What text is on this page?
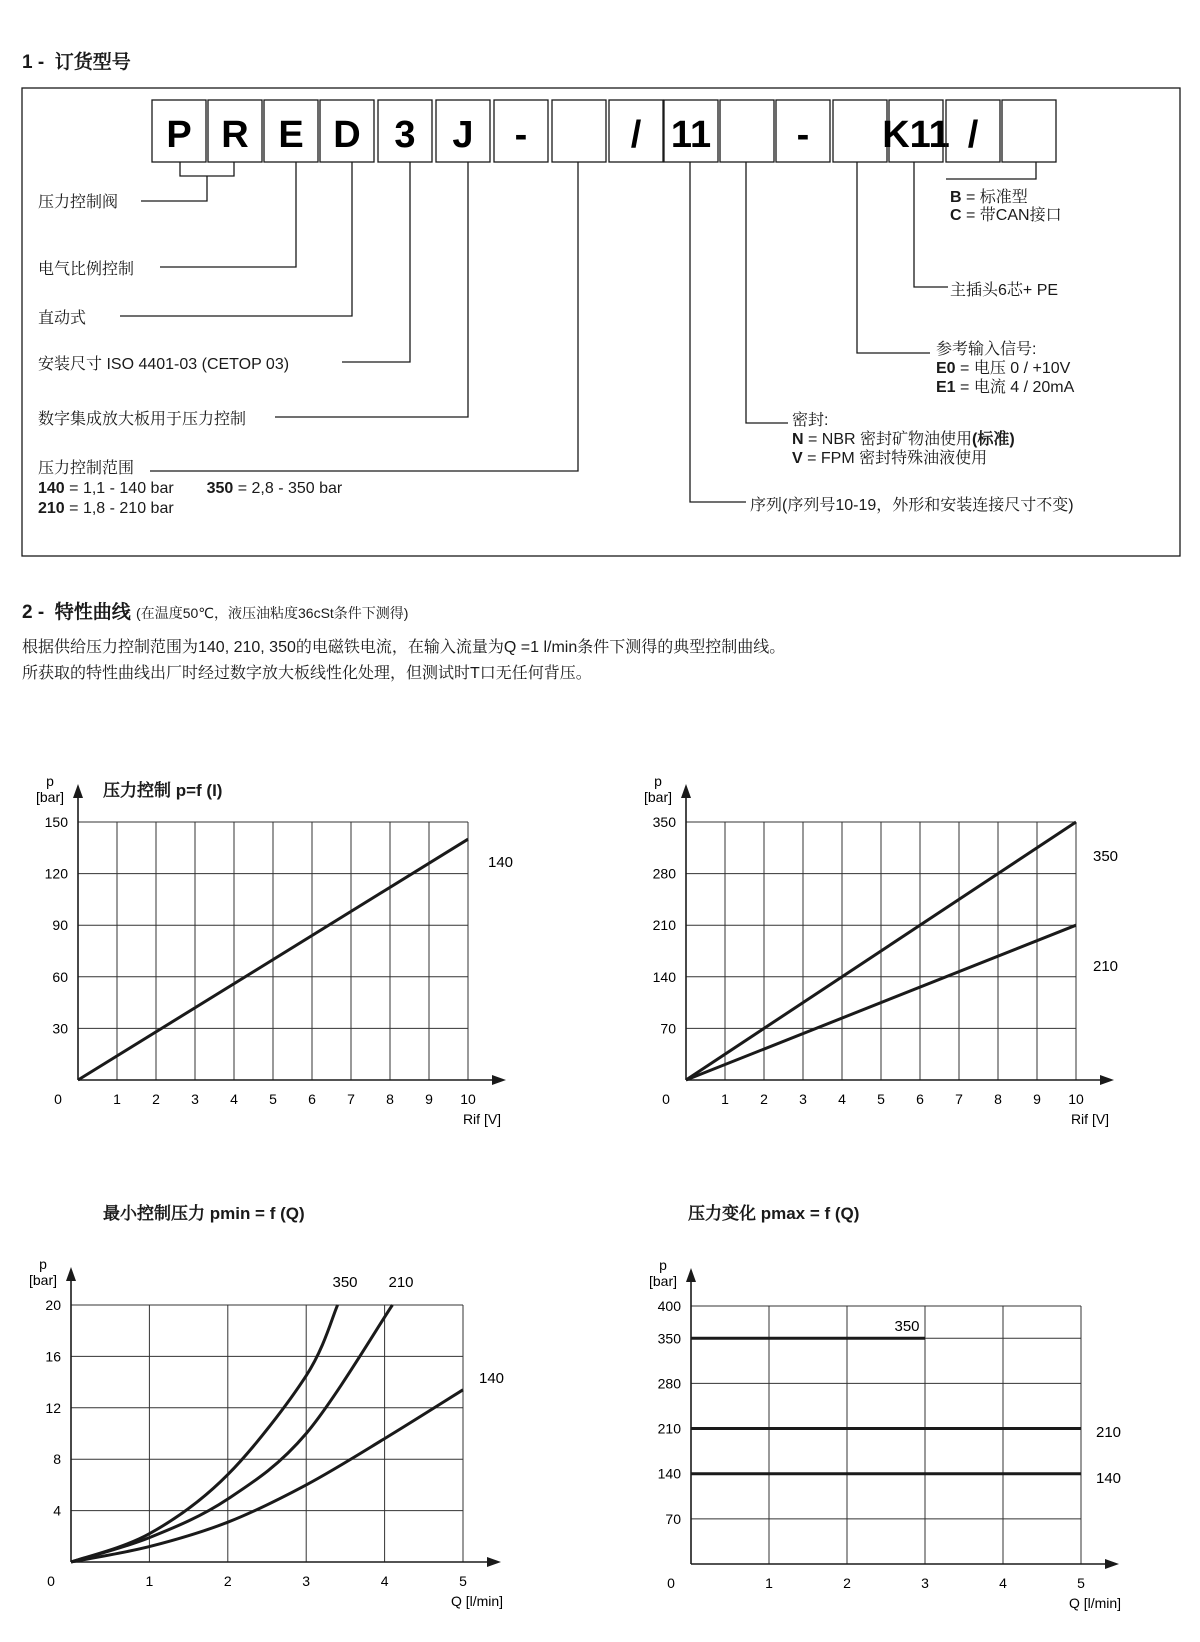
1 - 订货型号
P R E D 3 J -	/ 11 - K11 /
压力控制阀
电气比例控制
直动式
安装尺寸 ISO 4401-03 (CETOP 03)
数字集成放大板用于压力控制
压力控制范围
140 = 1,1 - 140 bar 350 = 2,8 - 350 bar
210 = 1,8 - 210 bar
B = 标准型
C = 带CAN接口
主插头6芯+ PE
参考输入信号:
E0 = 电压 0 / +10V
E1 = 电流 4 / 20mA
密封:
N = NBR 密封矿物油使用(标准)
V = FPM 密封特殊油液使用
序列(序列号10-19，外形和安装连接尺寸不变)
2 - 特性曲线 (在温度50℃，液压油粘度36cSt条件下测得)
根据供给压力控制范围为140, 210, 350的电磁铁电流，在输入流量为Q =1 l/min条件下测得的典型控制曲线。
所获取的特性曲线出厂时经过数字放大板线性化处理，但测试时T口无任何背压。
压力控制 p=f (I)
最小控制压力 pmin = f (Q)	压力变化 pmax = f (Q)
1 2 3 4 5 6 7 8 9 10
30
60
90
120
150
0
p
[bar]
Rif [V]
140
1 2 3 4 5 6 7 8 9 10
70
140
210
280
350
0
p
[bar]
Rif [V]
350
210
1	2	3	4	5
4
8
12
16
20
0
p
[bar]
Q [l/min]
350 210
140
1	2	3	4	5
70
140
210
280
350
400
0
p
[bar]
Q [l/min]
350
210
140
